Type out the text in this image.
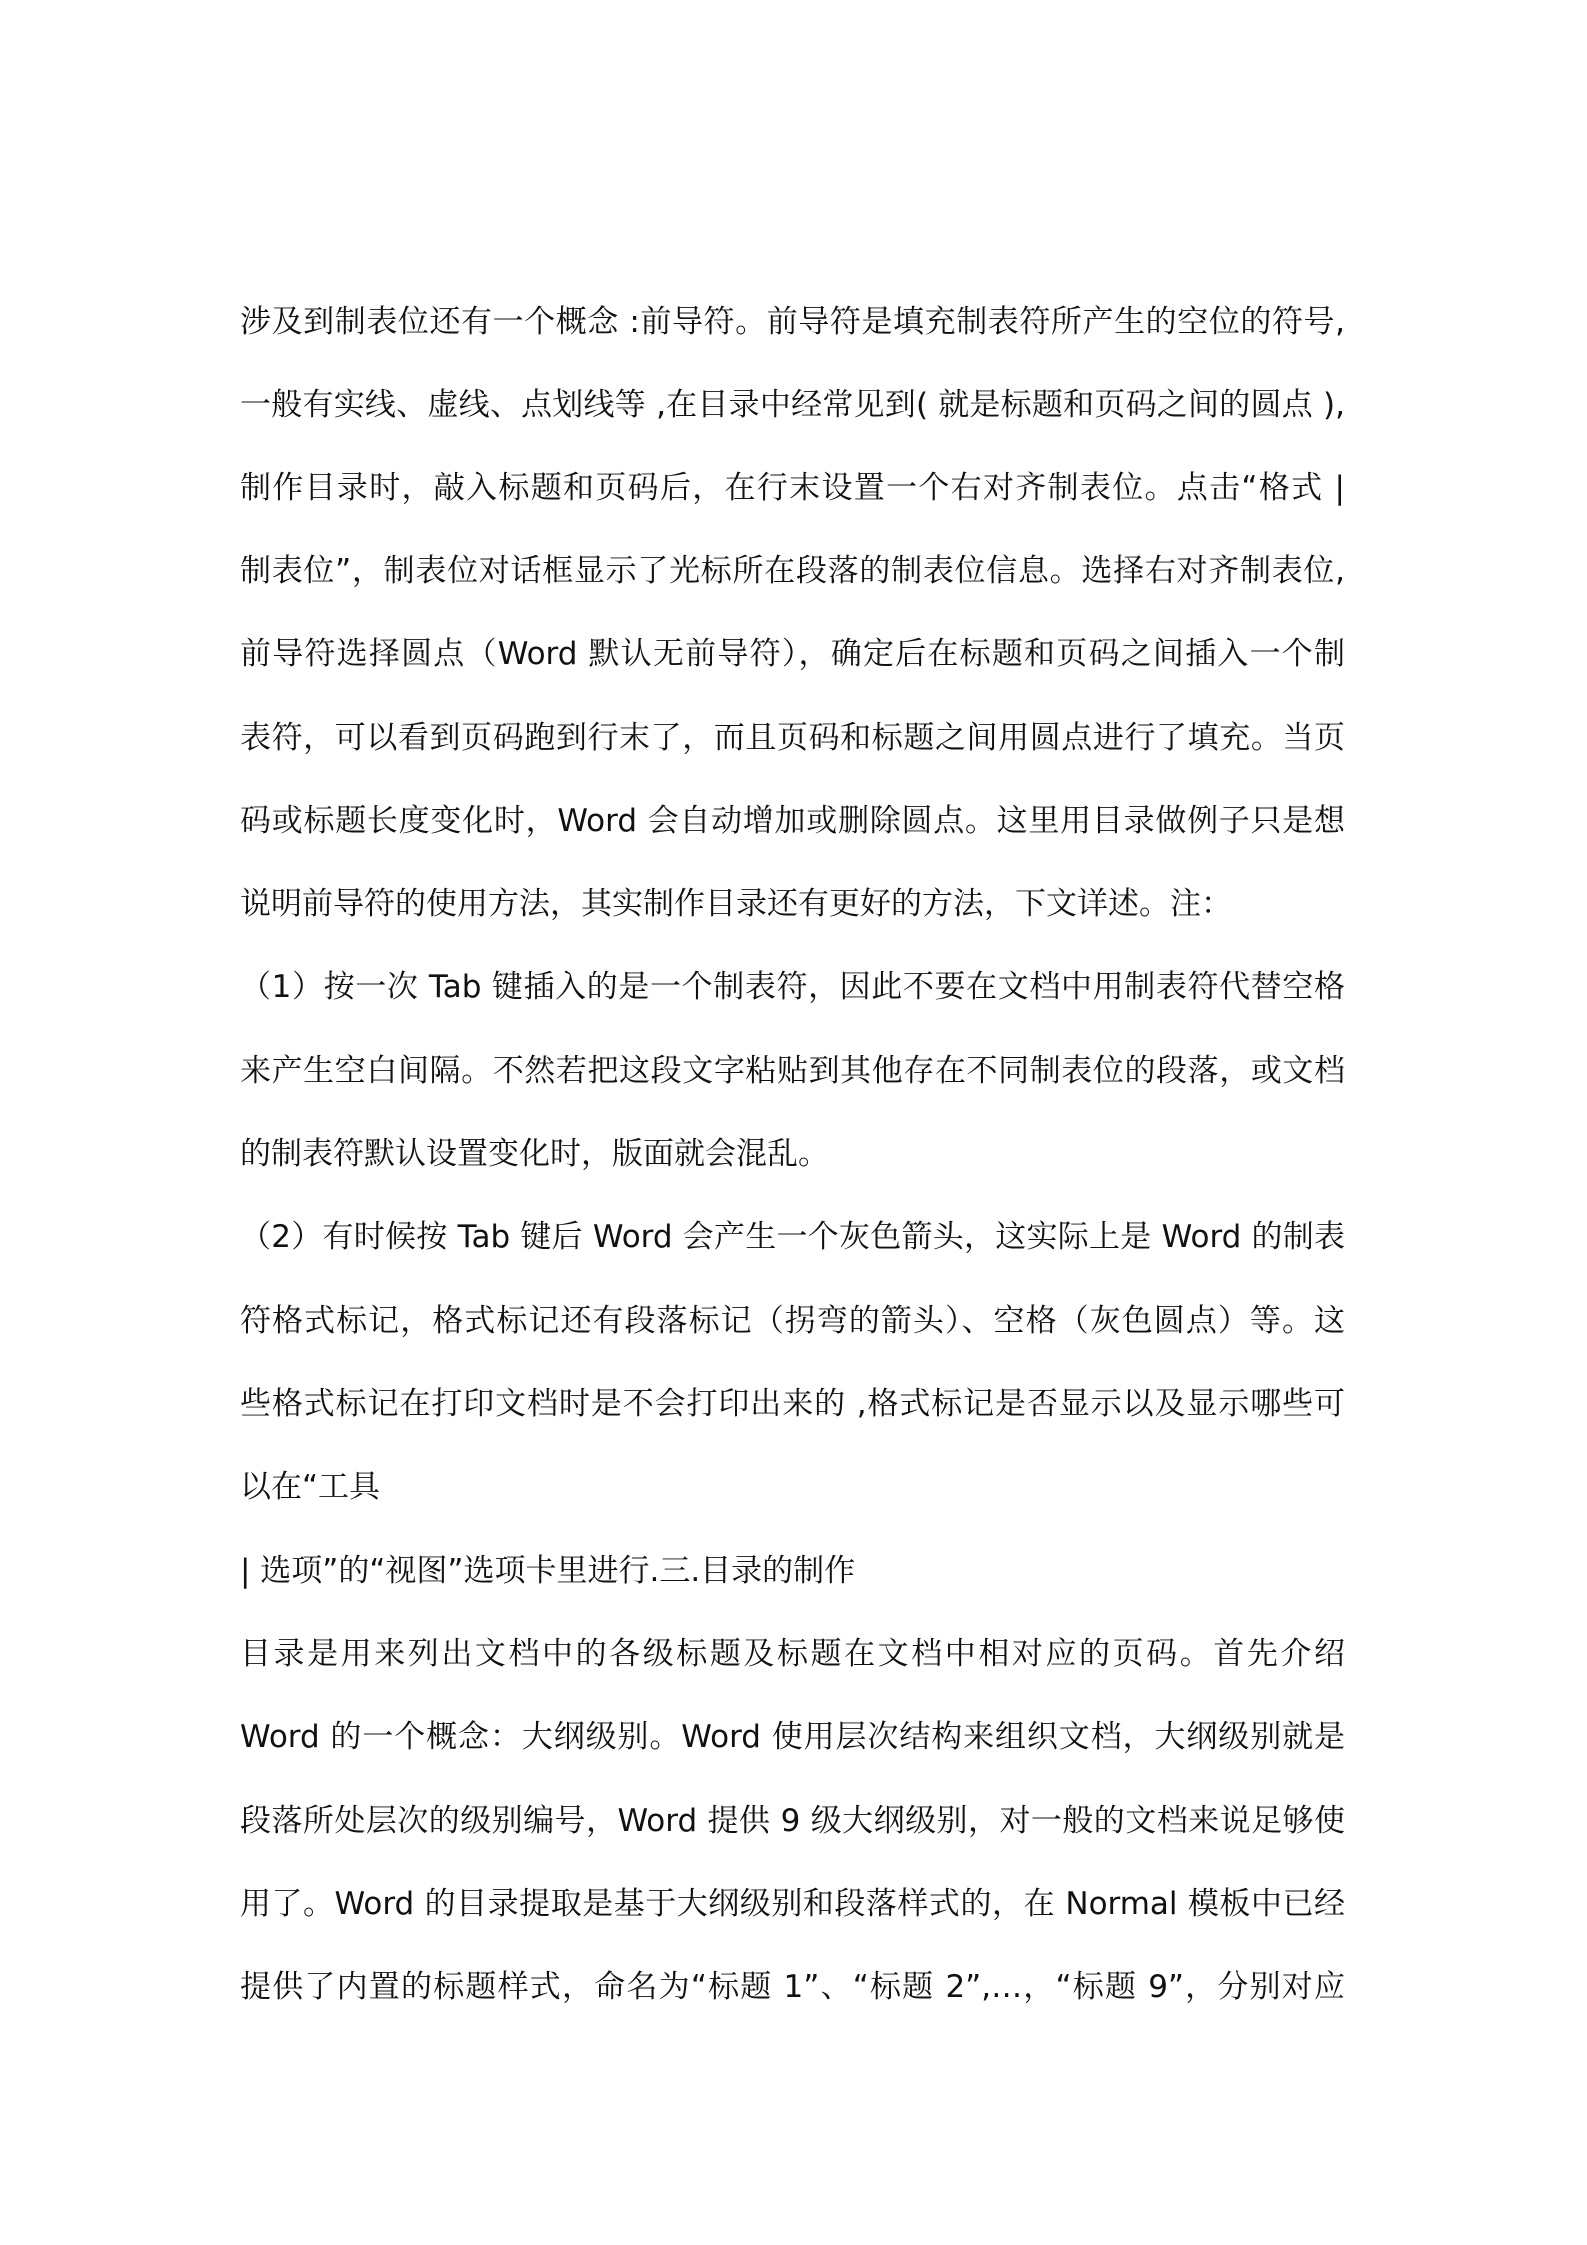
涉及到制表位还有一个概念 :前导符。前导符是填充制表符所产生的空位的符号,
一般有实线、虚线、点划线等 ,在目录中经常见到( 就是标题和页码之间的圆点 ),
制作目录时，敲入标题和页码后，在行末设置一个右对齐制表位。点击“格式 |
制表位”，制表位对话框显示了光标所在段落的制表位信息。选择右对齐制表位,
前导符选择圆点（Word 默认无前导符），确定后在标题和页码之间插入一个制
表符，可以看到页码跑到行末了，而且页码和标题之间用圆点进行了填充。当页
码或标题长度变化时，Word 会自动增加或删除圆点。这里用目录做例子只是想
说明前导符的使用方法，其实制作目录还有更好的方法，下文详述。注：
（1）按一次 Tab 键插入的是一个制表符，因此不要在文档中用制表符代替空格
来产生空白间隔。不然若把这段文字粘贴到其他存在不同制表位的段落，或文档
的制表符默认设置变化时，版面就会混乱。
（2）有时候按 Tab 键后 Word 会产生一个灰色箭头，这实际上是 Word 的制表
符格式标记，格式标记还有段落标记（拐弯的箭头）、空格（灰色圆点）等。这
些格式标记在打印文档时是不会打印出来的 ,格式标记是否显示以及显示哪些可
以在“工具
| 选项”的“视图”选项卡里进行.三.目录的制作
目录是用来列出文档中的各级标题及标题在文档中相对应的页码。首先介绍
Word 的一个概念：大纲级别。Word 使用层次结构来组织文档，大纲级别就是
段落所处层次的级别编号，Word 提供 9 级大纲级别，对一般的文档来说足够使
用了。Word 的目录提取是基于大纲级别和段落样式的，在 Normal 模板中已经
提供了内置的标题样式，命名为“标题 1”、“标题 2”,…，“标题 9”，分别对应
